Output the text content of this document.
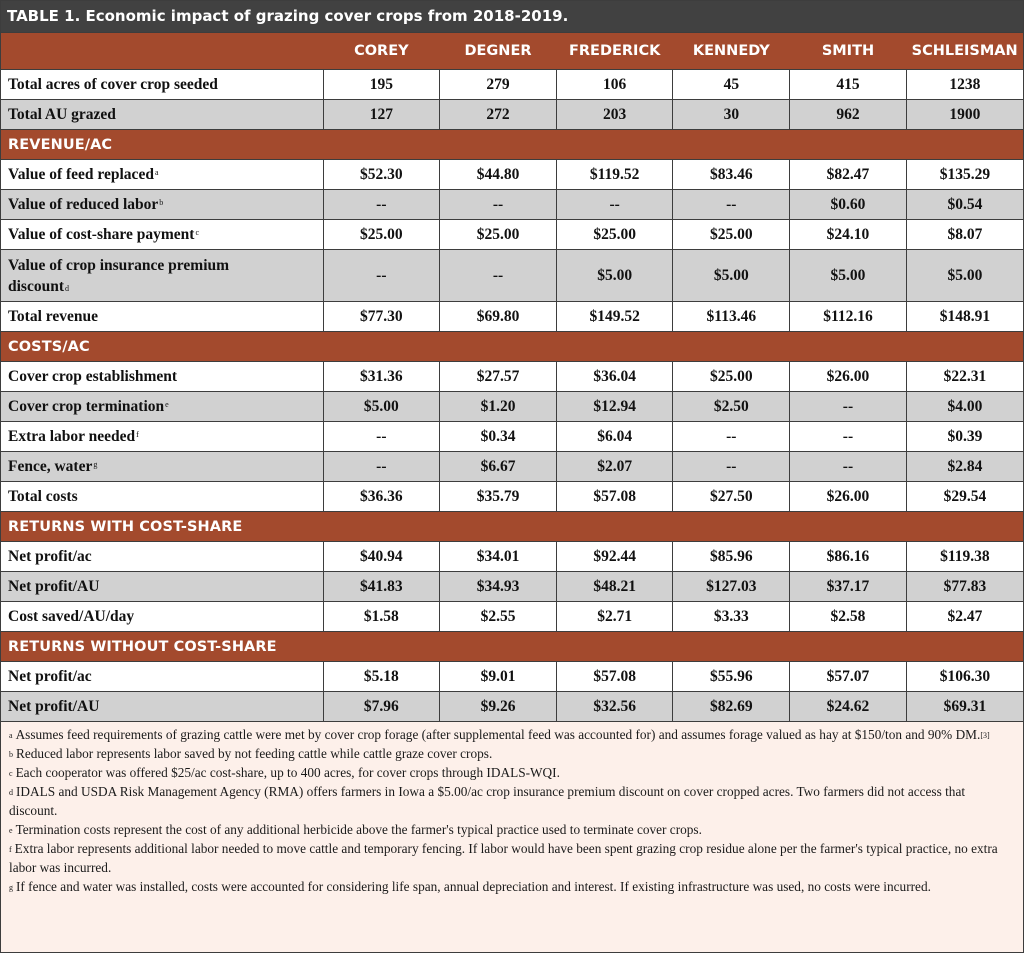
TABLE 1. Economic impact of grazing cover crops from 2018-2019.
	COREY	DEGNER	FREDERICK	KENNEDY	SMITH	SCHLEISMAN
Total acres of cover crop seeded	195	279	106	45	415	1238
Total AU grazed	127	272	203	30	962	1900
REVENUE/AC						
Value of feed replaced$^a$	$52.30	$44.80	$119.52	$83.46	$82.47	$135.29
Value of reduced labor$^b$	--	--	--	--	$0.60	$0.54
Value of cost-share payment$^c$	$25.00	$25.00	$25.00	$25.00	$24.10	$8.07
Value of crop insurance premium
discount$^d$	--	--	$5.00	$5.00	$5.00	$5.00
Total revenue	$77.30	$69.80	$149.52	$113.46	$112.16	$148.91
COSTS/AC						
Cover crop establishment	$31.36	$27.57	$36.04	$25.00	$26.00	$22.31
Cover crop termination$^e$	$5.00	$1.20	$12.94	$2.50	--	$4.00
Extra labor needed$^f$	--	$0.34	$6.04	--	--	$0.39
Fence, water$^g$	--	$6.67	$2.07	--	--	$2.84
Total costs	$36.36	$35.79	$57.08	$27.50	$26.00	$29.54
RETURNS WITH COST-SHARE						
Net profit/ac	$40.94	$34.01	$92.44	$85.96	$86.16	$119.38
Net profit/AU	$41.83	$34.93	$48.21	$127.03	$37.17	$77.83
Cost saved/AU/day	$1.58	$2.55	$2.71	$3.33	$2.58	$2.47
RETURNS WITHOUT COST-SHARE						
Net profit/ac	$5.18	$9.01	$57.08	$55.96	$57.07	$106.30
Net profit/AU	$7.96	$9.26	$32.56	$82.69	$24.62	$69.31

$^a$ Assumes feed requirements of grazing cattle were met by cover crop forage (after supplemental feed was accounted for) and assumes forage valued as hay at $150/ton and 90% DM.[3]

$^b$ Reduced labor represents labor saved by not feeding cattle while cattle graze cover crops.

$^c$ Each cooperator was offered $25/ac cost-share, up to 400 acres, for cover crops through IDALS-WQI.

$^d$ IDALS and USDA Risk Management Agency (RMA) offers farmers in Iowa a $5.00/ac crop insurance premium discount on cover cropped acres. Two farmers did not access that discount.

$^e$ Termination costs represent the cost of any additional herbicide above the farmer's typical practice used to terminate cover crops.

$^f$ Extra labor represents additional labor needed to move cattle and temporary fencing. If labor would have been spent grazing crop residue alone per the farmer's typical practice, no extra labor was incurred.

$^g$ If fence and water was installed, costs were accounted for considering life span, annual depreciation and interest. If existing infrastructure was used, no costs were incurred.
